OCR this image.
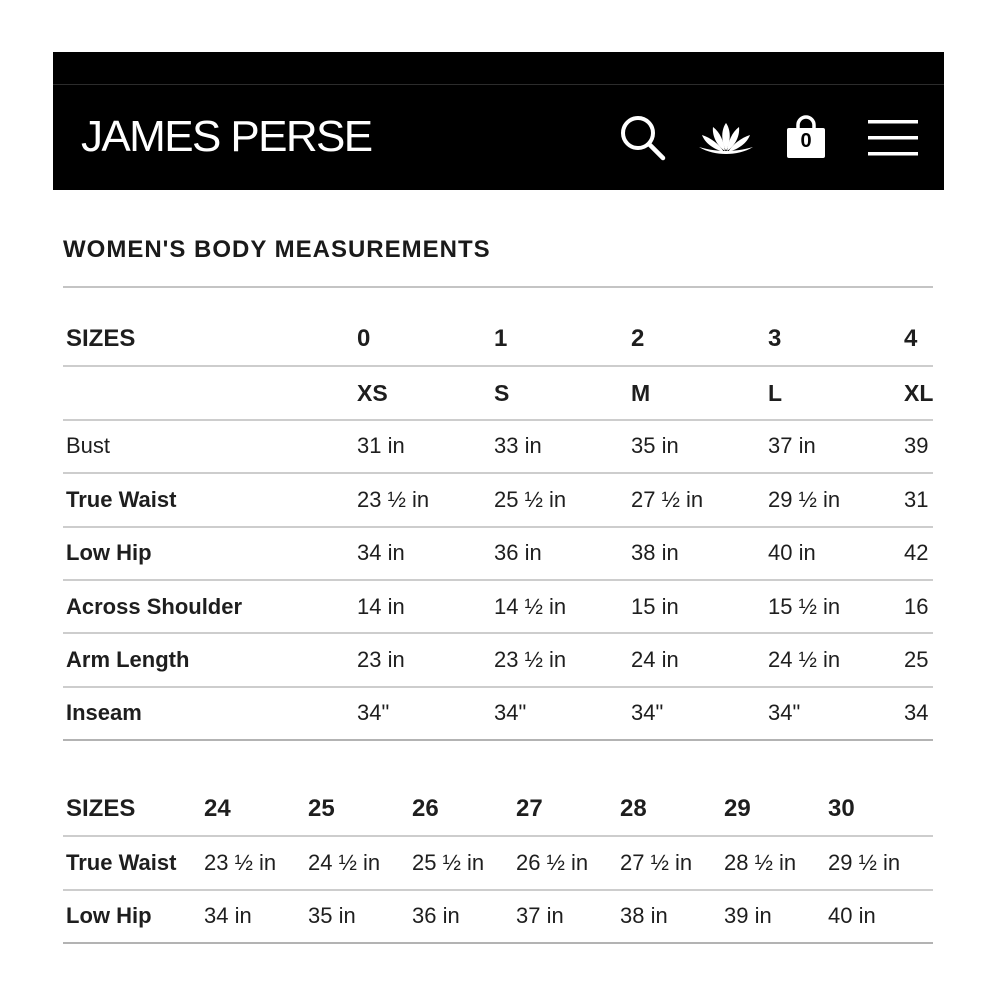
JAMES PERSE	0
WOMEN'S BODY MEASUREMENTS
SIZES	0	1	2	3	4
	XS	S	M	L	XL
Bust	31 in	33 in	35 in	37 in	39
True Waist	23 ½ in	25 ½ in	27 ½ in	29 ½ in	31
Low Hip	34 in	36 in	38 in	40 in	42
Across Shoulder	14 in	14 ½ in	15 in	15 ½ in	16
Arm Length	23 in	23 ½ in	24 in	24 ½ in	25
Inseam	34"	34"	34"	34"	34
SIZES	24	25	26	27	28	29	30
True Waist	23 ½ in	24 ½ in	25 ½ in	26 ½ in	27 ½ in	28 ½ in	29 ½ in
Low Hip	34 in	35 in	36 in	37 in	38 in	39 in	40 in
